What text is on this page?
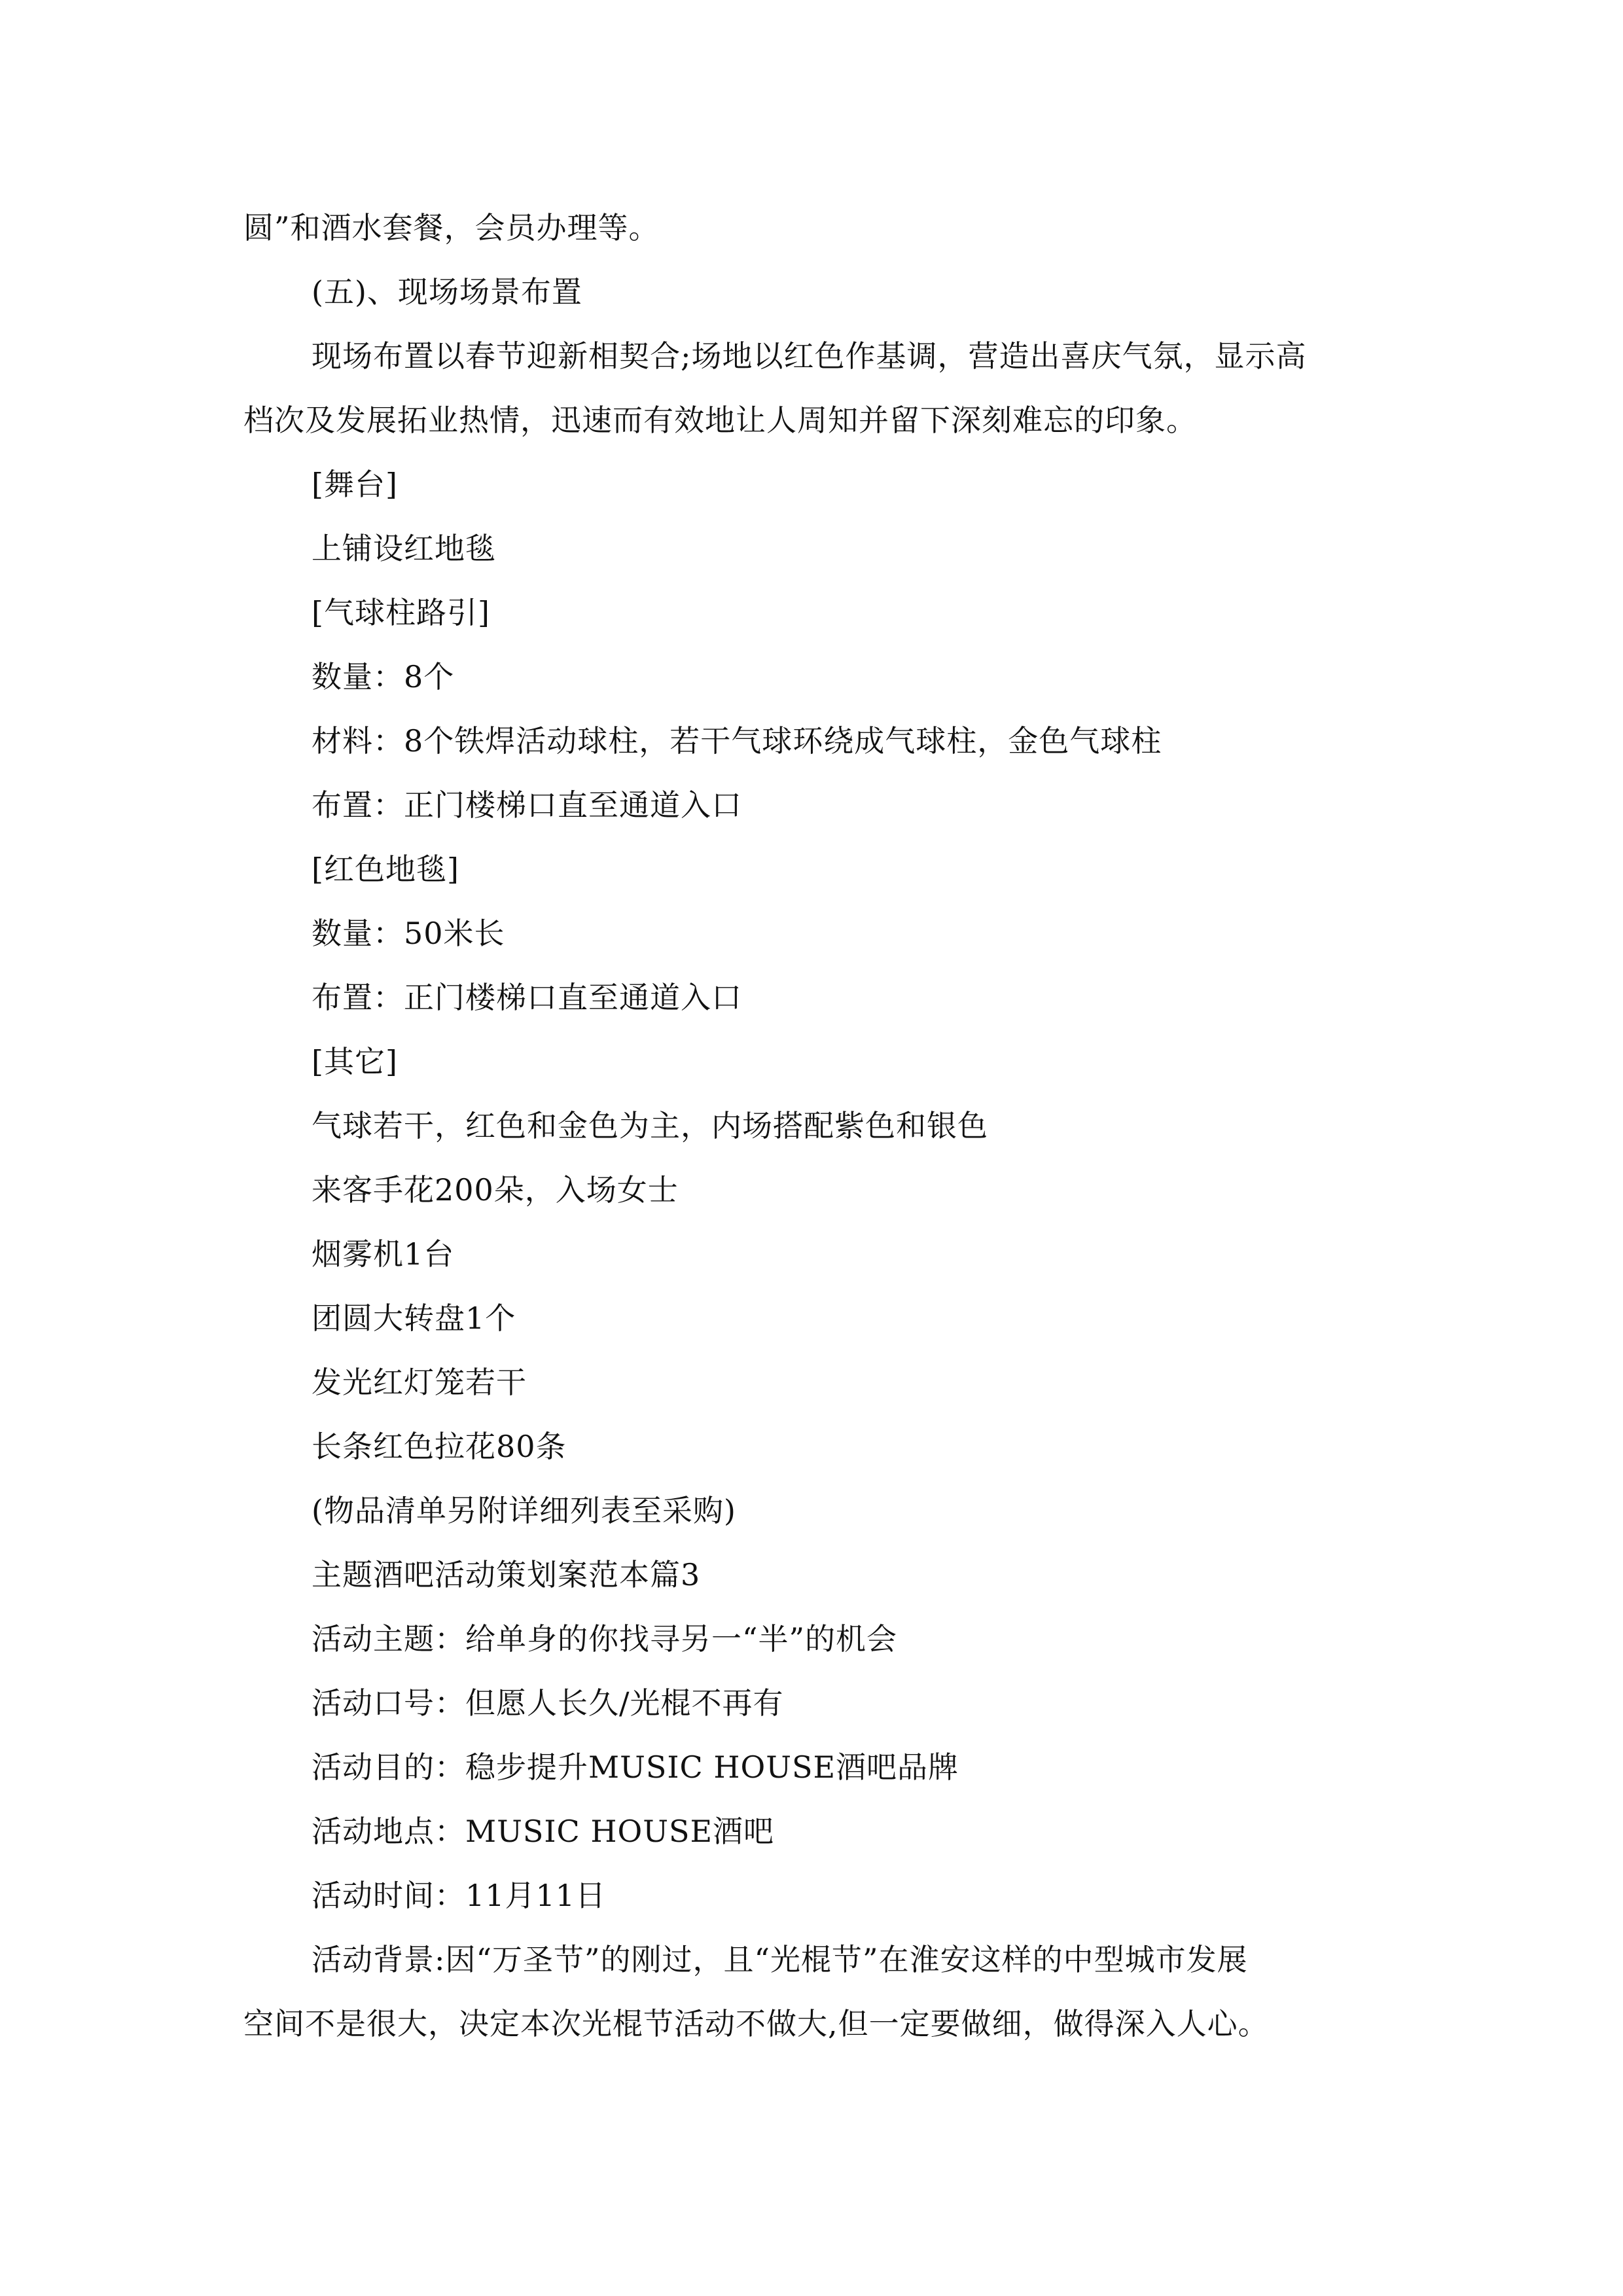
圆”和酒水套餐，会员办理等。
(五)、现场场景布置
现场布置以春节迎新相契合;场地以红色作基调，营造出喜庆气氛，显示高
档次及发展拓业热情，迅速而有效地让人周知并留下深刻难忘的印象。
[舞台]
上铺设红地毯
[气球柱路引]
数量：8个
材料：8个铁焊活动球柱，若干气球环绕成气球柱，金色气球柱
布置：正门楼梯口直至通道入口
[红色地毯]
数量：50米长
布置：正门楼梯口直至通道入口
[其它]
气球若干，红色和金色为主，内场搭配紫色和银色
来客手花200朵，入场女士
烟雾机1台
团圆大转盘1个
发光红灯笼若干
长条红色拉花80条
(物品清单另附详细列表至采购)
主题酒吧活动策划案范本篇3
活动主题：给单身的你找寻另一“半”的机会
活动口号：但愿人长久/光棍不再有
活动目的：稳步提升MUSIC HOUSE酒吧品牌
活动地点：MUSIC HOUSE酒吧
活动时间：11月11日
活动背景:因“万圣节”的刚过，且“光棍节”在淮安这样的中型城市发展
空间不是很大，决定本次光棍节活动不做大,但一定要做细，做得深入人心。
